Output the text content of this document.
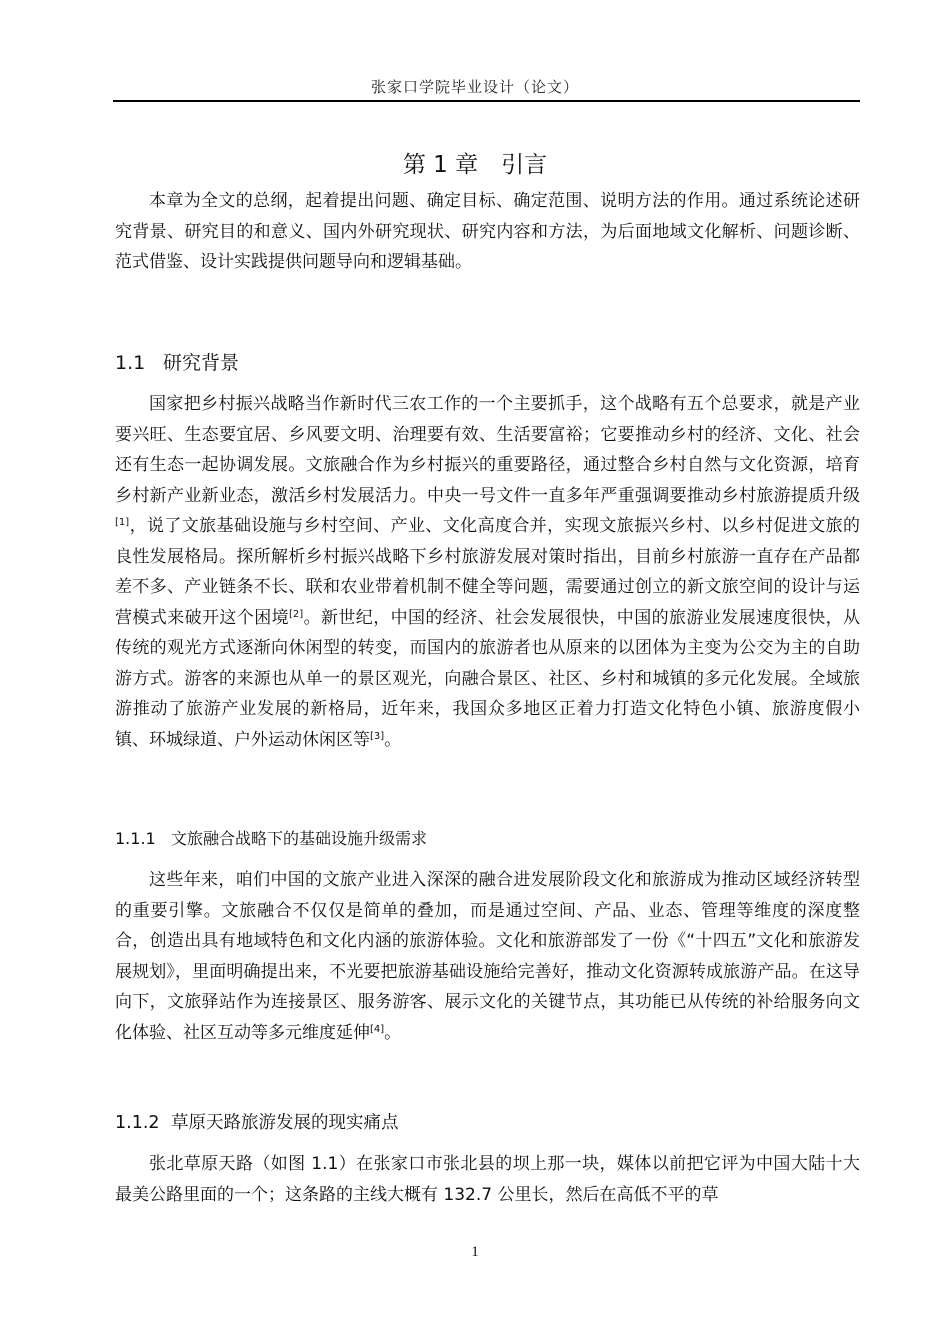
张家口学院毕业设计（论文）
第 1 章　引言

本章为全文的总纲，起着提出问题、确定目标、确定范围、说明方法的作用。通过系统论述研究背景、研究目的和意义、国内外研究现状、研究内容和方法，为后面地域文化解析、问题诊断、范式借鉴、设计实践提供问题导向和逻辑基础。

1.1 研究背景

国家把乡村振兴战略当作新时代三农工作的一个主要抓手，这个战略有五个总要求，就是产业要兴旺、生态要宜居、乡风要文明、治理要有效、生活要富裕；它要推动乡村的经济、文化、社会还有生态一起协调发展。文旅融合作为乡村振兴的重要路径，通过整合乡村自然与文化资源，培育乡村新产业新业态，激活乡村发展活力。中央一号文件一直多年严重强调要推动乡村旅游提质升级[1]，说了文旅基础设施与乡村空间、产业、文化高度合并，实现文旅振兴乡村、以乡村促进文旅的良性发展格局。探所解析乡村振兴战略下乡村旅游发展对策时指出，目前乡村旅游一直存在产品都差不多、产业链条不长、联和农业带着机制不健全等问题，需要通过创立的新文旅空间的设计与运营模式来破开这个困境[2]。新世纪，中国的经济、社会发展很快，中国的旅游业发展速度很快，从传统的观光方式逐渐向休闲型的转变，而国内的旅游者也从原来的以团体为主变为公交为主的自助游方式。游客的来源也从单一的景区观光，向融合景区、社区、乡村和城镇的多元化发展。全域旅游推动了旅游产业发展的新格局，近年来，我国众多地区正着力打造文化特色小镇、旅游度假小镇、环城绿道、户外运动休闲区等[3]。

1.1.1 文旅融合战略下的基础设施升级需求

这些年来，咱们中国的文旅产业进入深深的融合进发展阶段文化和旅游成为推动区域经济转型的重要引擎。文旅融合不仅仅是简单的叠加，而是通过空间、产品、业态、管理等维度的深度整合，创造出具有地域特色和文化内涵的旅游体验。文化和旅游部发了一份《“十四五”文化和旅游发展规划》，里面明确提出来，不光要把旅游基础设施给完善好，推动文化资源转成旅游产品。在这导向下，文旅驿站作为连接景区、服务游客、展示文化的关键节点，其功能已从传统的补给服务向文化体验、社区互动等多元维度延伸[4]。

1.1.2 草原天路旅游发展的现实痛点

张北草原天路（如图 1.1）在张家口市张北县的坝上那一块，媒体以前把它评为中国大陆十大最美公路里面的一个；这条路的主线大概有 132.7 公里长，然后在高低不平的草

1
